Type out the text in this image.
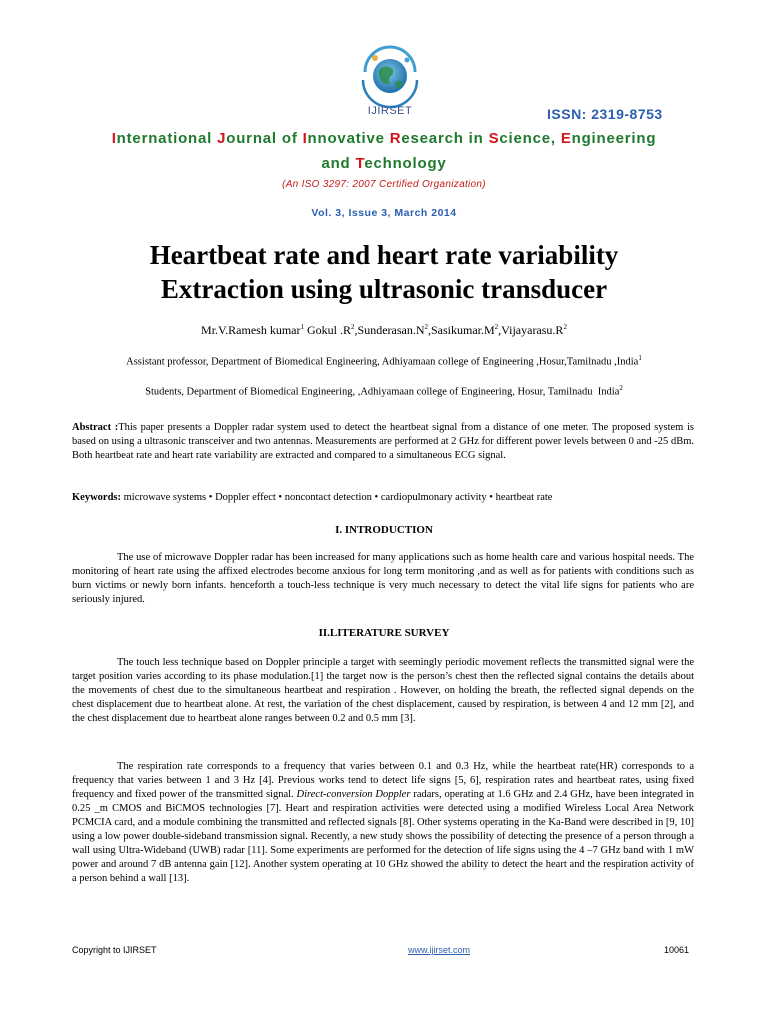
IJIRSET	ISSN: 2319-8753
International Journal of Innovative Research in Science, Engineering
and Technology
(An ISO 3297: 2007 Certified Organization)
Vol. 3, Issue 3, March 2014
Heartbeat rate and heart rate variability
Extraction using ultrasonic transducer
Mr.V.Ramesh kumar$^1$ Gokul $.R^2,Sunderasan.N^2,Sasikumar.M^2,Vijayarasu.R^2$
Assistant professor, Department of Biomedical Engineering, Adhiyamaan college of Engineering ,Hosur,Tamilnadu ,India$^1$
Students, Department of Biomedical Engineering, ,Adhiyamaan college of Engineering, Hosur, Tamilnadu  India$^2$
Abstract :This paper presents a Doppler radar system used to detect the heartbeat signal from a distance of one meter. The proposed system is based on using a ultrasonic transceiver and two antennas. Measurements are performed at 2 GHz for different power levels between 0 and -25 dBm. Both heartbeat rate and heart rate variability are extracted and compared to a simultaneous ECG signal.
Keywords: microwave systems • Doppler effect • noncontact detection • cardiopulmonary activity • heartbeat rate
I. INTRODUCTION
The use of microwave Doppler radar has been increased for many applications such as home health care and various hospital needs. The monitoring of heart rate using the affixed electrodes become anxious for long term monitoring ,and as well as for patients with conditions such as burn victims or newly born infants. henceforth a touch-less technique is very much necessary to detect the vital life signs for patients who are seriously injured.
II.LITERATURE SURVEY
The touch less technique based on Doppler principle a target with seemingly periodic movement reflects the transmitted signal were the target position varies according to its phase modulation.[1] the target now is the person’s chest then the reflected signal contains the details about the movements of chest due to the simultaneous heartbeat and respiration . However, on holding the breath, the reflected signal depends on the chest displacement due to heartbeat alone. At rest, the variation of the chest displacement, caused by respiration, is between 4 and 12 mm [2], and the chest displacement due to heartbeat alone ranges between 0.2 and 0.5 mm [3].
The respiration rate corresponds to a frequency that varies between 0.1 and 0.3 Hz, while the heartbeat rate(HR) corresponds to a frequency that varies between 1 and 3 Hz [4]. Previous works tend to detect life signs [5, 6], respiration rates and heartbeat rates, using fixed frequency and fixed power of the transmitted signal. Direct-conversion Doppler radars, operating at 1.6 GHz and 2.4 GHz, have been integrated in 0.25 _m CMOS and BiCMOS technologies [7]. Heart and respiration activities were detected using a modified Wireless Local Area Network PCMCIA card, and a module combining the transmitted and reflected signals [8]. Other systems operating in the Ka-Band were described in [9, 10] using a low power double-sideband transmission signal. Recently, a new study shows the possibility of detecting the presence of a person through a wall using Ultra-Wideband (UWB) radar [11]. Some experiments are performed for the detection of life signs using the 4 –7 GHz band with 1 mW power and around 7 dB antenna gain [12]. Another system operating at 10 GHz showed the ability to detect the heart and the respiration activity of a person behind a wall [13].
Copyright to IJIRSET	www.ijirset.com	10061
